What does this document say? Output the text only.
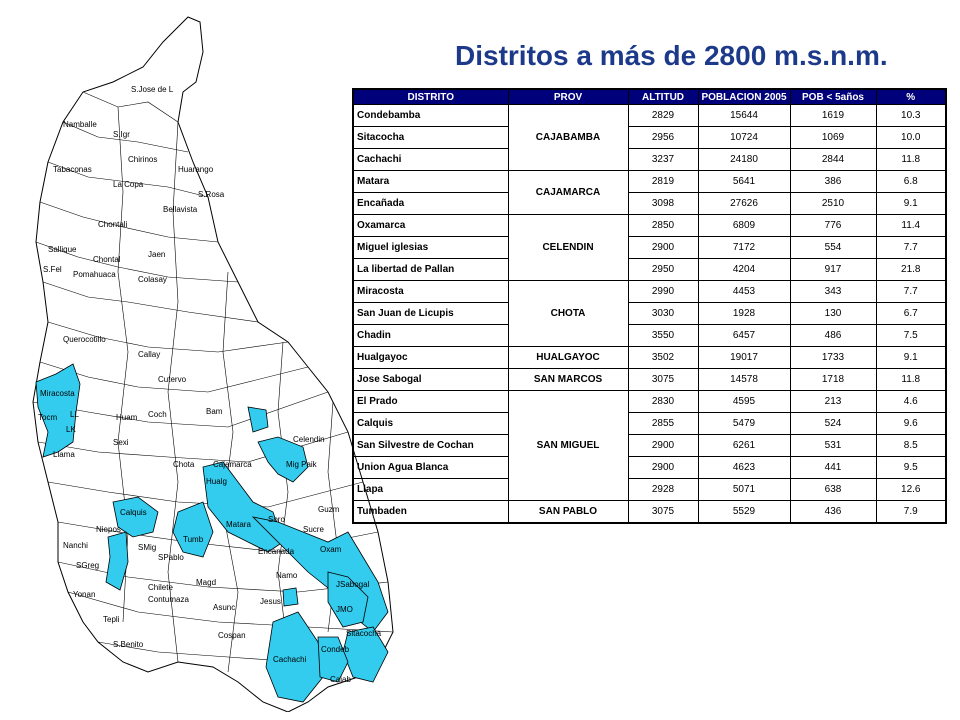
Distritos a más de 2800 m.s.n.m.
S.Jose de L
Namballe
S.Igr
Chirinos
Tabaconas
La Copa
Huarango
S.Rosa
Bellavista
Chontali
Colasay
Jaen
Pomahuaca
Sallique
S.Fel
Chontal
Querocotillo
Callay
Cutervo
Miracosta
Tocm LL
LK
Llama
Huam
Sexi
Coch	Bam
Cajamarca
Celendin
Calquis
Tumb
SMig
SPablo
SGreg
Niepos
Nanchi
Yonan
Tepli
S.Benito
Magd
Asunc
Cospan
Namo
Jesus
JMO
Sitacocha
Cachachi
Condeb
Cajab
JSabogal
Oxam
Sucre
Soro
Mig Paik
Chota
Hualg
Encanada
Matara
Chilete
Contumaza
Guzm
DISTRITO	PROV	ALTITUD	POBLACION 2005	POB < 5años	%
Condebamba	CAJABAMBA	2829	15644	1619	10.3
Sitacocha		2956	10724	1069	10.0
Cachachi		3237	24180	2844	11.8
Matara	CAJAMARCA	2819	5641	386	6.8
Encañada		3098	27626	2510	9.1
Oxamarca	CELENDIN	2850	6809	776	11.4
Miguel iglesias		2900	7172	554	7.7
La libertad de Pallan		2950	4204	917	21.8
Miracosta	CHOTA	2990	4453	343	7.7
San Juan de Licupis		3030	1928	130	6.7
Chadin		3550	6457	486	7.5
Hualgayoc	HUALGAYOC	3502	19017	1733	9.1
Jose Sabogal	SAN MARCOS	3075	14578	1718	11.8
El Prado	SAN MIGUEL	2830	4595	213	4.6
Calquis		2855	5479	524	9.6
San Silvestre de Cochan		2900	6261	531	8.5
Union Agua Blanca		2900	4623	441	9.5
Llapa		2928	5071	638	12.6
Tumbaden	SAN PABLO	3075	5529	436	7.9
